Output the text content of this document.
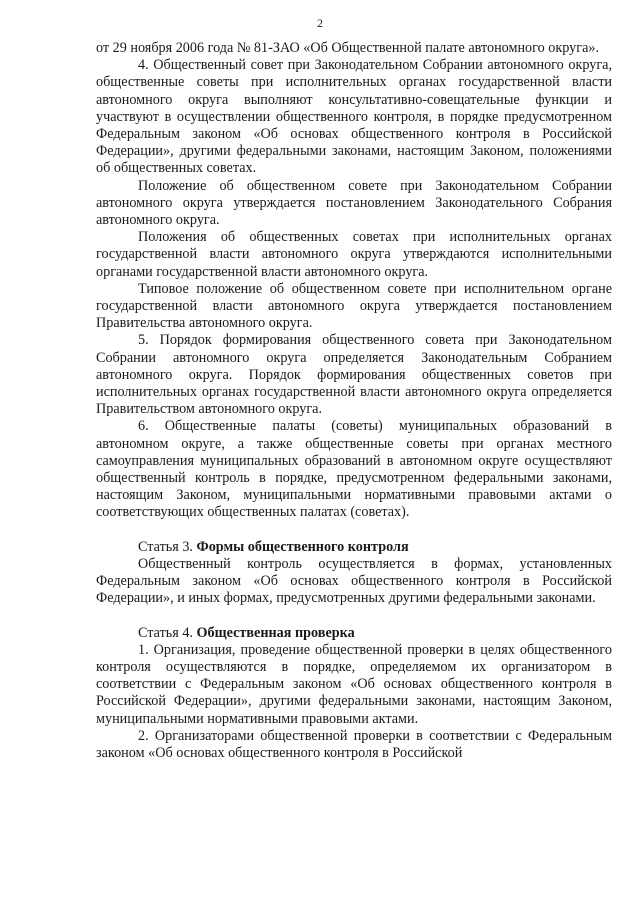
2

от 29 ноября 2006 года № 81-ЗАО «Об Общественной палате автономного округа».

4. Общественный совет при Законодательном Собрании автономного округа, общественные советы при исполнительных органах государственной власти автономного округа выполняют консультативно-совещательные функции и участвуют в осуществлении общественного контроля, в порядке предусмотренном Федеральным законом «Об основах общественного контроля в Российской Федерации», другими федеральными законами, настоящим Законом, положениями об общественных советах.

Положение об общественном совете при Законодательном Собрании автономного округа утверждается постановлением Законодательного Собрания автономного округа.

Положения об общественных советах при исполнительных органах государственной власти автономного округа утверждаются исполнительными органами государственной власти автономного округа.

Типовое положение об общественном совете при исполнительном органе государственной власти автономного округа утверждается постановлением Правительства автономного округа.

5. Порядок формирования общественного совета при Законодательном Собрании автономного округа определяется Законодательным Собранием автономного округа. Порядок формирования общественных советов при исполнительных органах государственной власти автономного округа определяется Правительством автономного округа.

6. Общественные палаты (советы) муниципальных образований в автономном округе, а также общественные советы при органах местного самоуправления муниципальных образований в автономном округе осуществляют общественный контроль в порядке, предусмотренном федеральными законами, настоящим Законом, муниципальными нормативными правовыми актами о соответствующих общественных палатах (советах).

Статья 3. Формы общественного контроля

Общественный контроль осуществляется в формах, установленных Федеральным законом «Об основах общественного контроля в Российской Федерации», и иных формах, предусмотренных другими федеральными законами.

Статья 4. Общественная проверка

1. Организация, проведение общественной проверки в целях общественного контроля осуществляются в порядке, определяемом их организатором в соответствии с Федеральным законом «Об основах общественного контроля в Российской Федерации», другими федеральными законами, настоящим Законом, муниципальными нормативными правовыми актами.

2. Организаторами общественной проверки в соответствии с Федеральным законом «Об основах общественного контроля в Российской
